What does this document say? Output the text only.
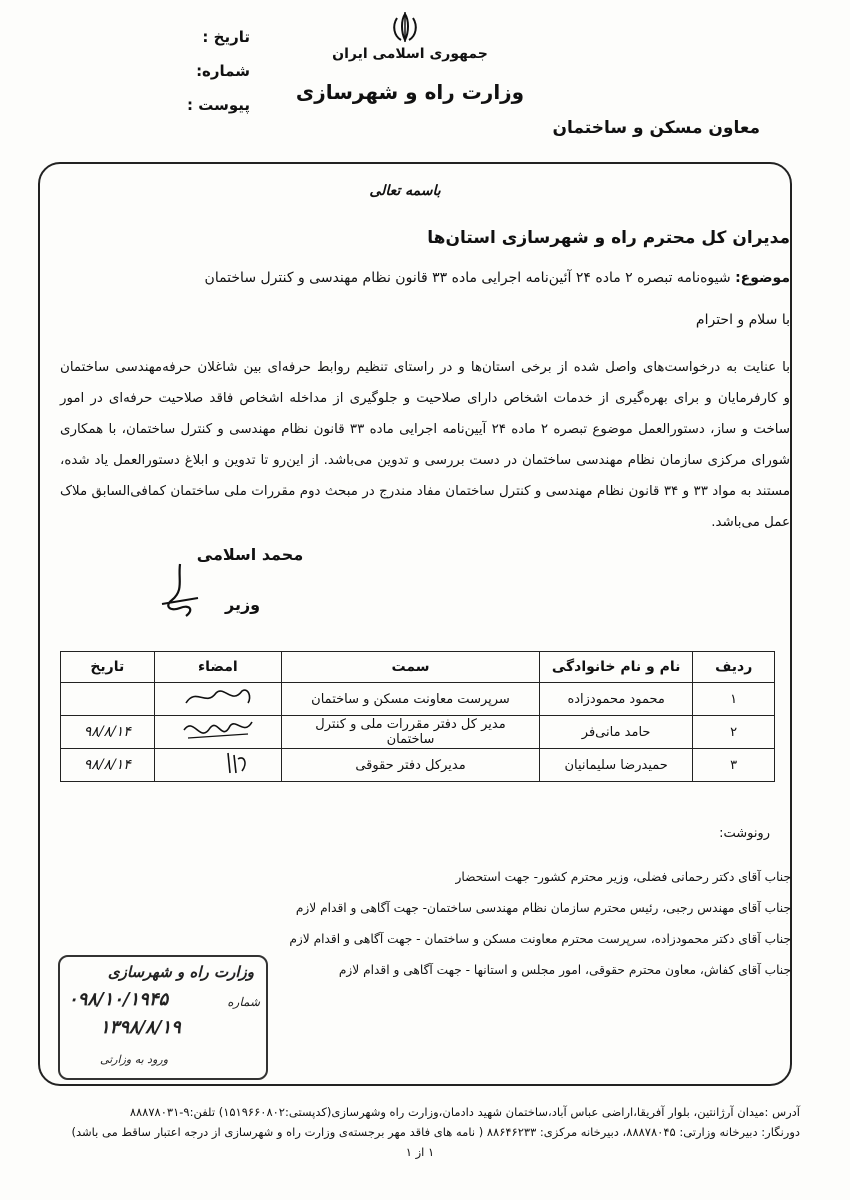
تاریخ :
شماره:
پیوست :
جمهوری اسلامی ایران
وزارت راه و شهرسازی
معاون مسکن و ساختمان
باسمه تعالی
مدیران کل محترم راه و شهرسازی استان‌ها
موضوع: شیوه‌نامه تبصره ۲ ماده ۲۴ آئین‌نامه اجرایی ماده ۳۳ قانون نظام مهندسی و کنترل ساختمان
با سلام و احترام
با عنایت به درخواست‌های واصل شده از برخی استان‌ها و در راستای تنظیم روابط حرفه‌ای بین شاغلان حرفه‌مهندسی ساختمان
و کارفرمایان و برای بهره‌گیری از خدمات اشخاص دارای صلاحیت و جلوگیری از مداخله اشخاص فاقد صلاحیت حرفه‌ای در امور
ساخت و ساز، دستورالعمل موضوع تبصره ۲ ماده ۲۴ آیین‌نامه اجرایی ماده ۳۳ قانون نظام مهندسی و کنترل ساختمان، با همکاری
شورای مرکزی سازمان نظام مهندسی ساختمان در دست بررسی و تدوین می‌باشد. از این‌رو تا تدوین و ابلاغ دستورالعمل یاد شده،
مستند به مواد ۳۳ و ۳۴ قانون نظام مهندسی و کنترل ساختمان مفاد مندرج در مبحث دوم مقررات ملی ساختمان کمافی‌السابق ملاک
عمل می‌باشد.
محمد اسلامی
وزیر
ردیف	نام و نام خانوادگی	سمت	امضاء	تاریخ
۱	محمود محمودزاده	سرپرست معاونت مسکن و ساختمان		
۲	حامد مانی‌فر	مدیر کل دفتر مقررات ملی و کنترل ساختمان		۹۸/۸/۱۴
۳	حمیدرضا سلیمانیان	مدیرکل دفتر حقوقی		۹۸/۸/۱۴
رونوشت:
جناب آقای دکتر رحمانی فضلی، وزیر محترم کشور- جهت استحضار
جناب آقای مهندس رجبی، رئیس محترم سازمان نظام مهندسی ساختمان- جهت آگاهی و اقدام لازم
جناب آقای دکتر محمودزاده، سرپرست محترم معاونت مسکن و ساختمان - جهت آگاهی و اقدام لازم
جناب آقای کفاش، معاون محترم حقوقی، امور مجلس و استانها - جهت آگاهی و اقدام لازم
وزارت راه و شهرسازی
شماره
۰۹۸/۱۰/۱۹۴۵
۱۳۹۸/۸/۱۹
ورود به وزارتی
آدرس :میدان آرژانتین، بلوار آفریقا،اراضی عباس آباد،ساختمان شهید دادمان،وزارت راه وشهرسازی(کدپستی:۱۵۱۹۶۶۰۸۰۲) تلفن:۹-۸۸۸۷۸۰۳۱
دورنگار: دبیرخانه وزارتی: ۸۸۸۷۸۰۴۵، دبیرخانه مرکزی: ۸۸۶۴۶۲۳۳ ( نامه های فاقد مهر برجسته‌ی وزارت راه و شهرسازی از درجه اعتبار ساقط می باشد)
۱ از ۱
